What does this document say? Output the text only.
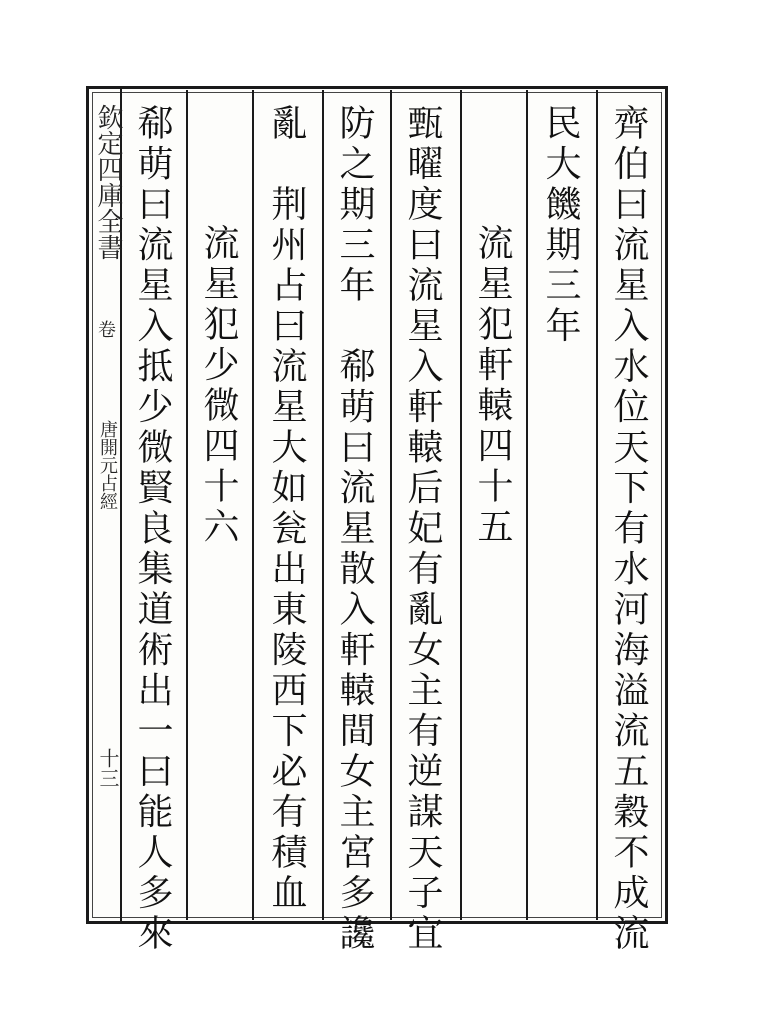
欽定四庫全書
卷
唐開元占經
十三	齊伯曰流星入水位天下有水河海溢流五穀不成流
民大饑期三年
流星犯軒轅四十五
甄曜度曰流星入軒轅后妃有亂女主有逆謀天子宜
防之期三年　郗萌曰流星散入軒轅間女主宮多讒
亂　荆州占曰流星大如瓮出東陵西下必有積血
流星犯少微四十六
郗萌曰流星入抵少微賢良集道術出一曰能人多來
